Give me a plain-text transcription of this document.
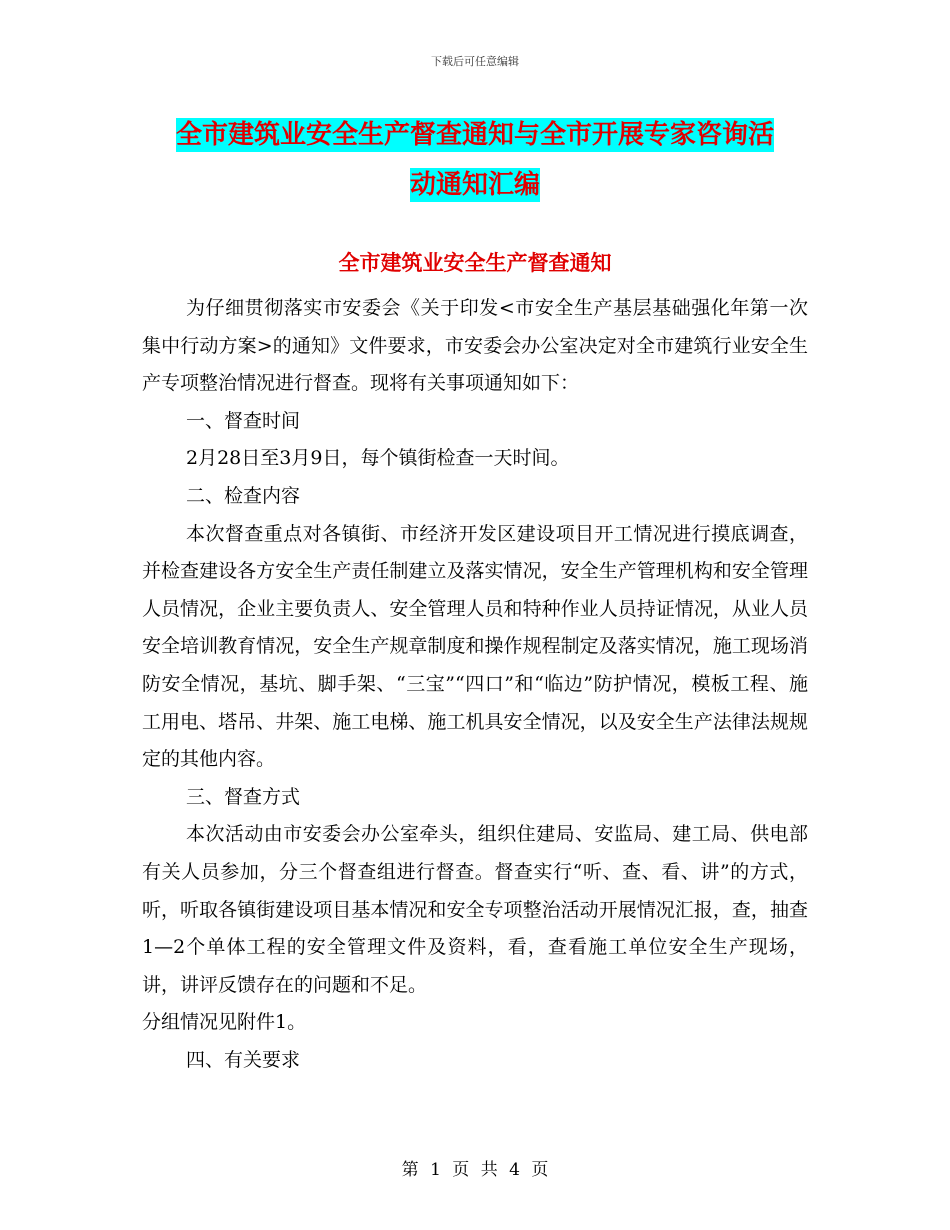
下载后可任意编辑
全市建筑业安全生产督查通知与全市开展专家咨询活
动通知汇编
全市建筑业安全生产督查通知

为仔细贯彻落实市安委会《关于印发<市安全生产基层基础强化年第一次集中行动方案>的通知》文件要求，市安委会办公室决定对全市建筑行业安全生产专项整治情况进行督查。现将有关事项通知如下：

一、督查时间

2月28日至3月9日，每个镇街检查一天时间。

二、检查内容

本次督查重点对各镇街、市经济开发区建设项目开工情况进行摸底调查，并检查建设各方安全生产责任制建立及落实情况，安全生产管理机构和安全管理人员情况，企业主要负责人、安全管理人员和特种作业人员持证情况，从业人员安全培训教育情况，安全生产规章制度和操作规程制定及落实情况，施工现场消防安全情况，基坑、脚手架、“三宝”“四口”和“临边”防护情况，模板工程、施工用电、塔吊、井架、施工电梯、施工机具安全情况，以及安全生产法律法规规定的其他内容。

三、督查方式

本次活动由市安委会办公室牵头，组织住建局、安监局、建工局、供电部有关人员参加，分三个督查组进行督查。督查实行“听、查、看、讲”的方式，听，听取各镇街建设项目基本情况和安全专项整治活动开展情况汇报，查，抽查1—2个单体工程的安全管理文件及资料，看，查看施工单位安全生产现场，讲，讲评反馈存在的问题和不足。

分组情况见附件1。

四、有关要求

第 1 页 共 4 页
